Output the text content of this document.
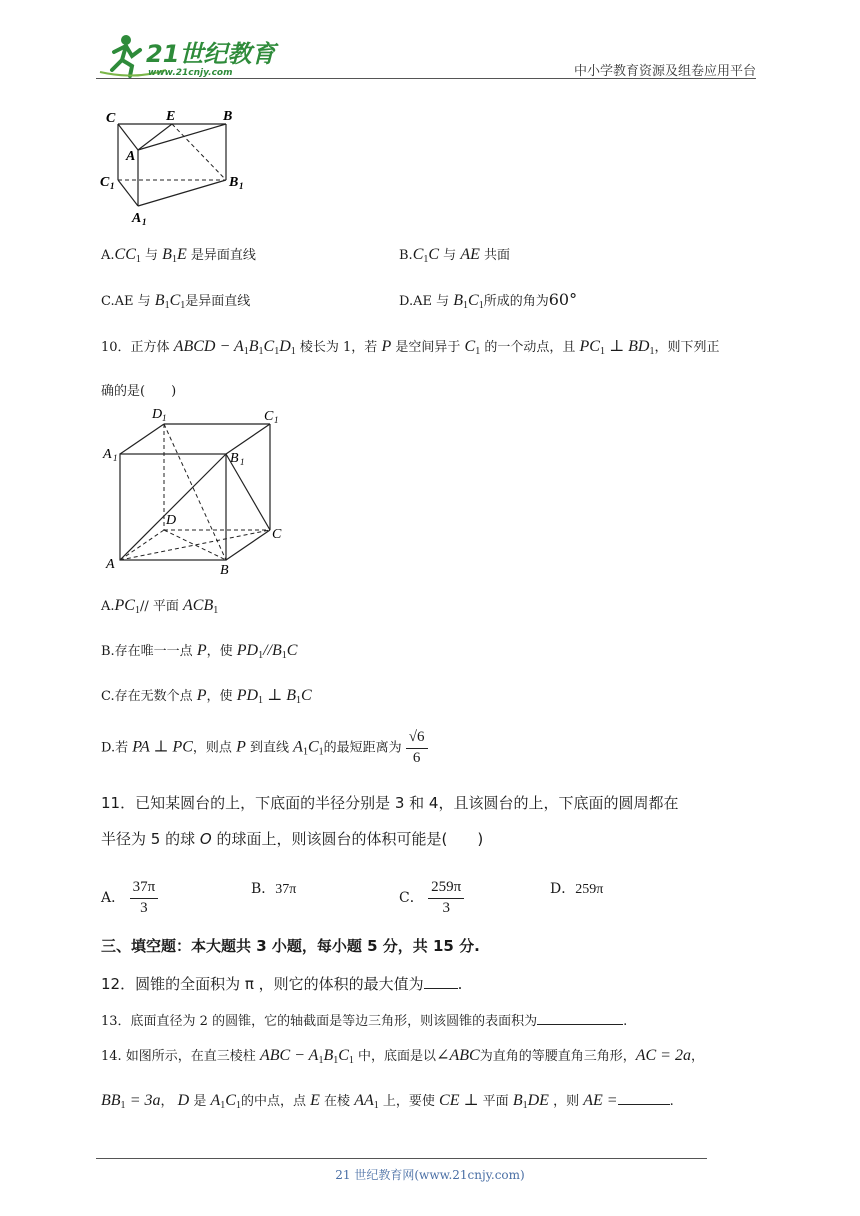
21世纪教育
www.21cnjy.com	中小学教育资源及组卷应用平台
C	E	B
A
C 1	B 1
A 1
$A.CC_1$ 与 $B_1E$ 是异面直线	$B.C_1C$ 与 AE 共面
C.AE 与 $B_1C_1$是异面直线	D.AE 与 $B_1C_1$所成的角为60°
10．正方体 ABCD − $A_1B_1C_1D_1$ 棱长为 1，若 P 是空间异于 $C_1$ 的一个动点，且 $PC_1$ ⊥ $BD_1$，则下列正
确的是(　　)
D 1	C 1
A 1	B 1
D
C
A	B
$A.PC_1//$ 平面 $ACB_1$
B.存在唯一一点 P，使 $PD_1//B_1C$
C.存在无数个点 P，使 $PD_1$ ⊥ $B_1C$
D.若 PA ⊥ PC，则点 P 到直线 $A_1C_1$的最短距离为 $\frac{√6}{6}$
11．已知某圆台的上，下底面的半径分别是 3 和 4，且该圆台的上，下底面的圆周都在
半径为 5 的球 O 的球面上，则该圆台的体积可能是(　　)
A． $\frac{37\pi}{3}$	B．37π
C． $\frac{259\pi}{3}$	D．259π
三、填空题：本大题共 3 小题，每小题 5 分，共 15 分.
12．圆锥的全面积为 π ，则它的体积的最大值为 .
13．底面直径为 2 的圆锥，它的轴截面是等边三角形，则该圆锥的表面积为	.
14. 如图所示，在直三棱柱 ABC − $A_1B_1C_1$ 中，底面是以∠ABC为直角的等腰直角三角形，AC = 2a，
$BB_1 = 3a$， D 是 $A_1C_1$的中点，点 E 在棱 $AA_1$ 上，要使 CE ⊥ 平面 $B_1DE$ ，则 AE =	.
21 世纪教育网(www.21cnjy.com)
